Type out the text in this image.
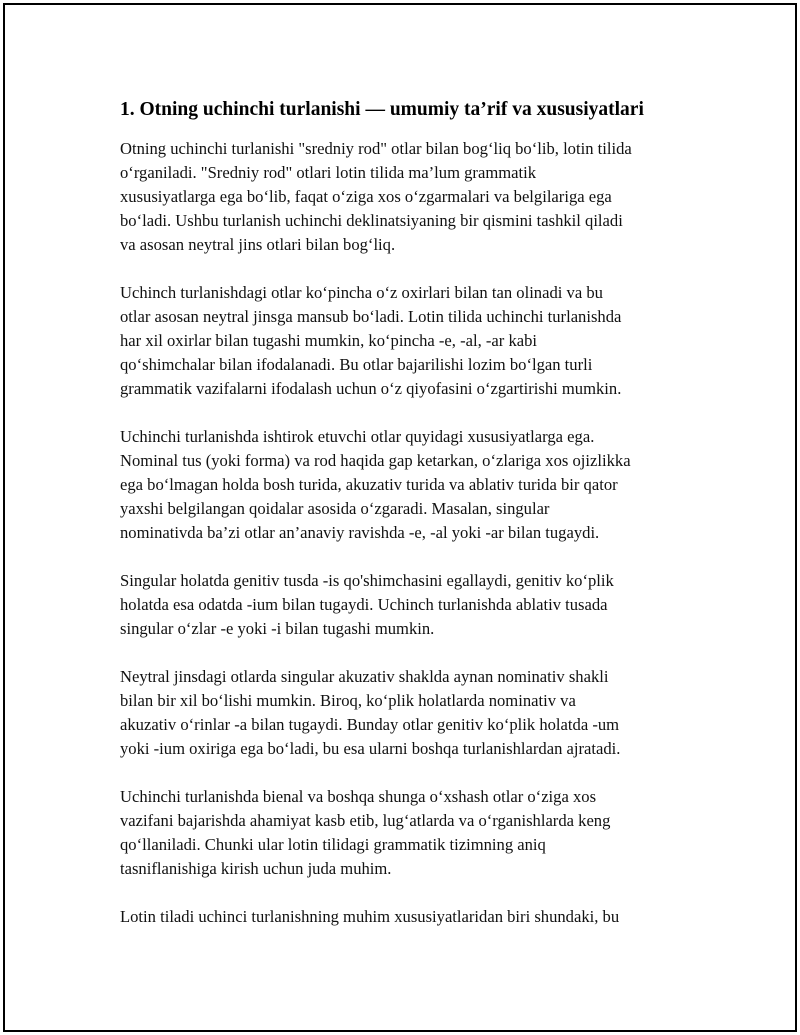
1. Otning uchinchi turlanishi — umumiy ta’rif va xususiyatlari

Otning uchinchi turlanishi "sredniy rod" otlar bilan bog‘liq bo‘lib, lotin tilida
o‘rganiladi. "Sredniy rod" otlari lotin tilida ma’lum grammatik
xususiyatlarga ega bo‘lib, faqat o‘ziga xos o‘zgarmalari va belgilariga ega
bo‘ladi. Ushbu turlanish uchinchi deklinatsiyaning bir qismini tashkil qiladi
va asosan neytral jins otlari bilan bog‘liq.

Uchinch turlanishdagi otlar ko‘pincha o‘z oxirlari bilan tan olinadi va bu
otlar asosan neytral jinsga mansub bo‘ladi. Lotin tilida uchinchi turlanishda
har xil oxirlar bilan tugashi mumkin, ko‘pincha -e, -al, -ar kabi
qo‘shimchalar bilan ifodalanadi. Bu otlar bajarilishi lozim bo‘lgan turli
grammatik vazifalarni ifodalash uchun o‘z qiyofasini o‘zgartirishi mumkin.

Uchinchi turlanishda ishtirok etuvchi otlar quyidagi xususiyatlarga ega.
Nominal tus (yoki forma) va rod haqida gap ketarkan, o‘zlariga xos ojizlikka
ega bo‘lmagan holda bosh turida, akuzativ turida va ablativ turida bir qator
yaxshi belgilangan qoidalar asosida o‘zgaradi. Masalan, singular
nominativda ba’zi otlar an’anaviy ravishda -e, -al yoki -ar bilan tugaydi.

Singular holatda genitiv tusda -is qo'shimchasini egallaydi, genitiv ko‘plik
holatda esa odatda -ium bilan tugaydi. Uchinch turlanishda ablativ tusada
singular o‘zlar -e yoki -i bilan tugashi mumkin.

Neytral jinsdagi otlarda singular akuzativ shaklda aynan nominativ shakli
bilan bir xil bo‘lishi mumkin. Biroq, ko‘plik holatlarda nominativ va
akuzativ o‘rinlar -a bilan tugaydi. Bunday otlar genitiv ko‘plik holatda -um
yoki -ium oxiriga ega bo‘ladi, bu esa ularni boshqa turlanishlardan ajratadi.

Uchinchi turlanishda bienal va boshqa shunga o‘xshash otlar o‘ziga xos
vazifani bajarishda ahamiyat kasb etib, lug‘atlarda va o‘rganishlarda keng
qo‘llaniladi. Chunki ular lotin tilidagi grammatik tizimning aniq
tasniflanishiga kirish uchun juda muhim.

Lotin tiladi uchinci turlanishning muhim xususiyatlaridan biri shundaki, bu
